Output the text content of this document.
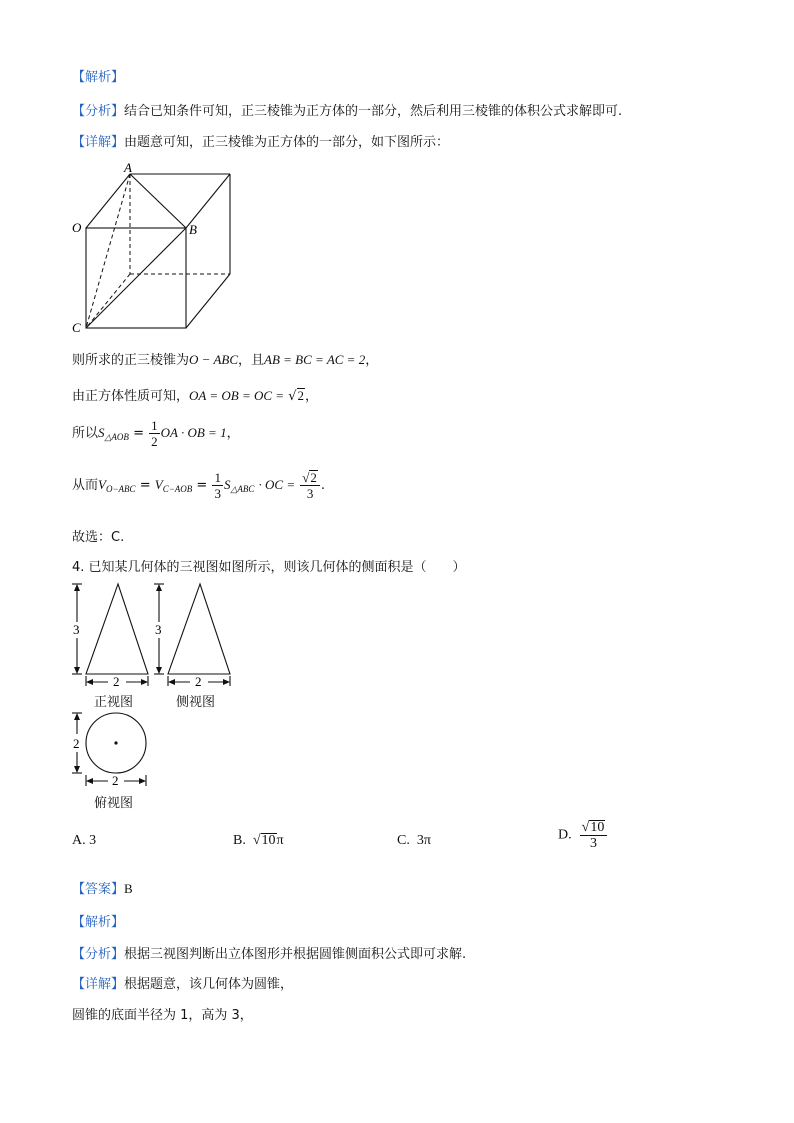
【解析】
【分析】结合已知条件可知，正三棱锥为正方体的一部分，然后利用三棱锥的体积公式求解即可.
【详解】由题意可知，正三棱锥为正方体的一部分，如下图所示：
A
O	B
C
则所求的正三棱锥为O − ABC，且AB = BC = AC = 2，
由正方体性质可知，OA = OB = OC = √2，
所以$S_{\triangle AOB} = \frac{1}{2}$ OA · OB = 1，
从而$V_{O-ABC} = V_{C-AOB} = \frac{1}{3} S_{\triangle ABC}$ · OC = $\frac{√2}{3}$ .
故选：C.
4. 已知某几何体的三视图如图所示，则该几何体的侧面积是（　　）
3
2
正视图
3
2
侧视图
2
2
俯视图
A. 3	B.  √10π	C. 3π	D. $\frac{√10}{3}$
【答案】B
【解析】
【分析】根据三视图判断出立体图形并根据圆锥侧面积公式即可求解.
【详解】根据题意，该几何体为圆锥，
圆锥的底面半径为 1，高为 3，
